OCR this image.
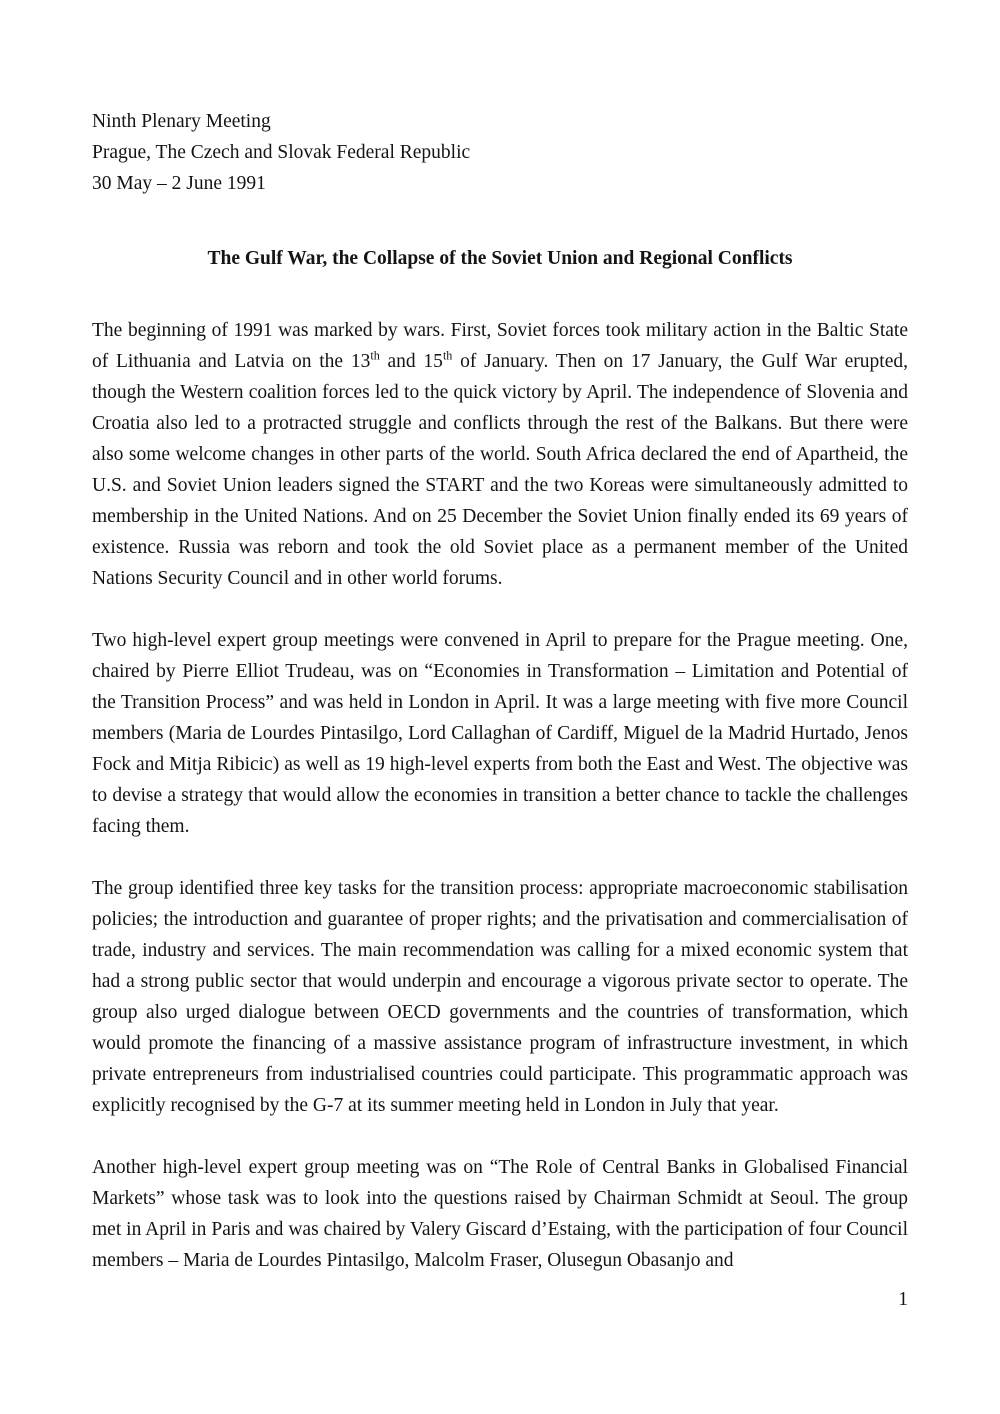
Ninth Plenary Meeting
Prague, The Czech and Slovak Federal Republic
30 May – 2 June 1991
The Gulf War, the Collapse of the Soviet Union and Regional Conflicts

The beginning of 1991 was marked by wars. First, Soviet forces took military action in the Baltic State of Lithuania and Latvia on the 13th and 15th of January. Then on 17 January, the Gulf War erupted, though the Western coalition forces led to the quick victory by April. The independence of Slovenia and Croatia also led to a protracted struggle and conflicts through the rest of the Balkans. But there were also some welcome changes in other parts of the world. South Africa declared the end of Apartheid, the U.S. and Soviet Union leaders signed the START and the two Koreas were simultaneously admitted to membership in the United Nations. And on 25 December the Soviet Union finally ended its 69 years of existence. Russia was reborn and took the old Soviet place as a permanent member of the United Nations Security Council and in other world forums.

Two high-level expert group meetings were convened in April to prepare for the Prague meeting. One, chaired by Pierre Elliot Trudeau, was on “Economies in Transformation – Limitation and Potential of the Transition Process” and was held in London in April. It was a large meeting with five more Council members (Maria de Lourdes Pintasilgo, Lord Callaghan of Cardiff, Miguel de la Madrid Hurtado, Jenos Fock and Mitja Ribicic) as well as 19 high-level experts from both the East and West. The objective was to devise a strategy that would allow the economies in transition a better chance to tackle the challenges facing them.

The group identified three key tasks for the transition process: appropriate macroeconomic stabilisation policies; the introduction and guarantee of proper rights; and the privatisation and commercialisation of trade, industry and services. The main recommendation was calling for a mixed economic system that had a strong public sector that would underpin and encourage a vigorous private sector to operate. The group also urged dialogue between OECD governments and the countries of transformation, which would promote the financing of a massive assistance program of infrastructure investment, in which private entrepreneurs from industrialised countries could participate. This programmatic approach was explicitly recognised by the G-7 at its summer meeting held in London in July that year.

Another high-level expert group meeting was on “The Role of Central Banks in Globalised Financial Markets” whose task was to look into the questions raised by Chairman Schmidt at Seoul. The group met in April in Paris and was chaired by Valery Giscard d’Estaing, with the participation of four Council members – Maria de Lourdes Pintasilgo, Malcolm Fraser, Olusegun Obasanjo and

1
